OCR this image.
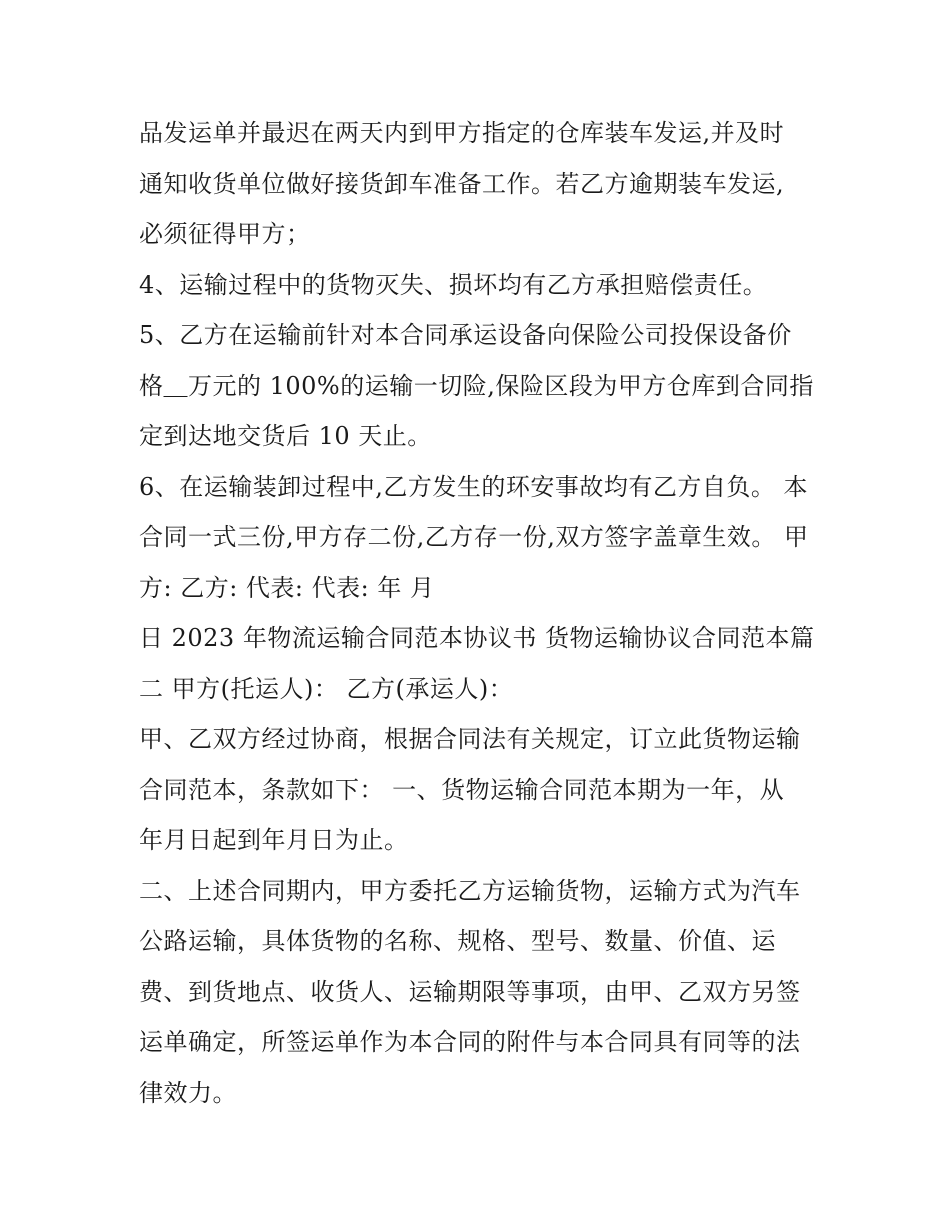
品发运单并最迟在两天内到甲方指定的仓库装车发运,并及时
通知收货单位做好接货卸车准备工作。若乙方逾期装车发运,
必须征得甲方；
4、运输过程中的货物灭失、损坏均有乙方承担赔偿责任。
5、乙方在运输前针对本合同承运设备向保险公司投保设备价
格＿万元的 100%的运输一切险,保险区段为甲方仓库到合同指
定到达地交货后 10 天止。
6、在运输装卸过程中,乙方发生的环安事故均有乙方自负。 本
合同一式三份,甲方存二份,乙方存一份,双方签字盖章生效。 甲
方: 乙方: 代表: 代表: 年 月
日 2023 年物流运输合同范本协议书 货物运输协议合同范本篇
二 甲方(托运人)： 乙方(承运人)：
甲、乙双方经过协商，根据合同法有关规定，订立此货物运输
合同范本，条款如下： 一、货物运输合同范本期为一年，从
年月日起到年月日为止。
二、上述合同期内，甲方委托乙方运输货物，运输方式为汽车
公路运输，具体货物的名称、规格、型号、数量、价值、运
费、到货地点、收货人、运输期限等事项，由甲、乙双方另签
运单确定，所签运单作为本合同的附件与本合同具有同等的法
律效力。
